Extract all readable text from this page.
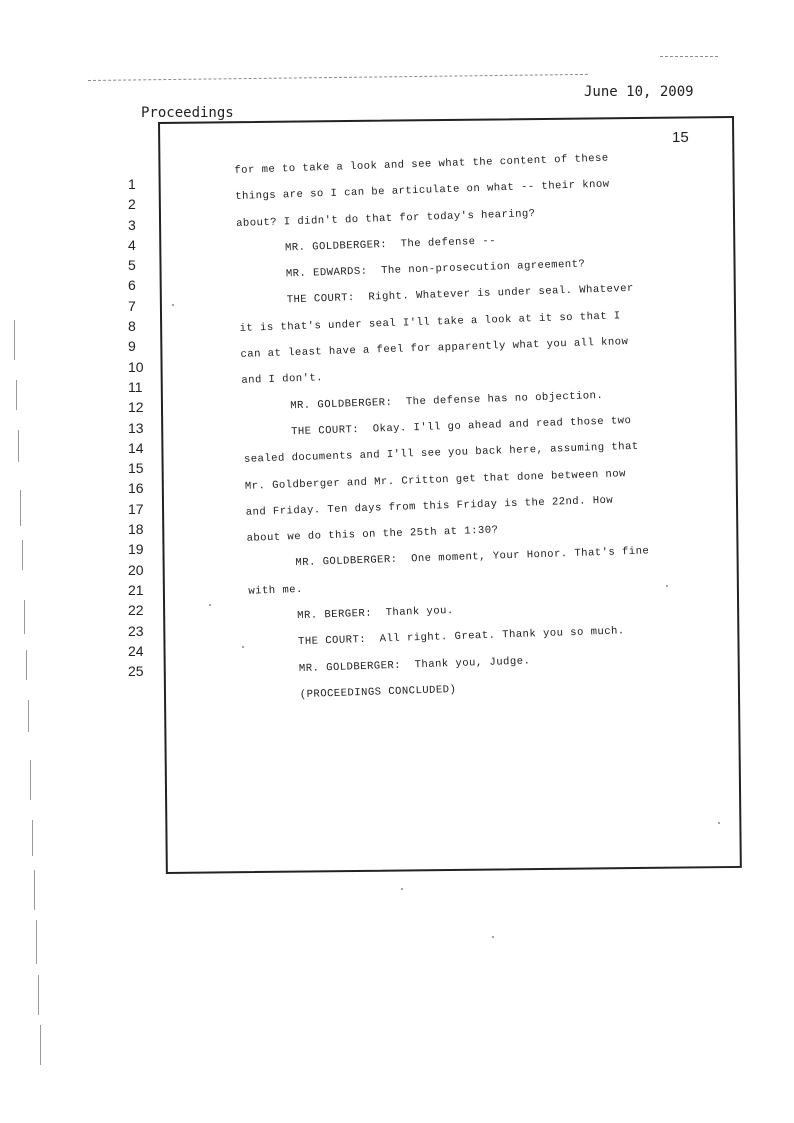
June 10, 2009
Proceedings
15
1
2
3
4
5
6
7
8
9
10
11
12
13
14
15
16
17
18
19
20
21
22
23
24
25
for me to take a look and see what the content of these
things are so I can be articulate on what -- their know
about? I didn't do that for today's hearing?
MR. GOLDBERGER:  The defense --
MR. EDWARDS:  The non-prosecution agreement?
THE COURT:  Right. Whatever is under seal. Whatever
it is that's under seal I'll take a look at it so that I
can at least have a feel for apparently what you all know
and I don't.
MR. GOLDBERGER:  The defense has no objection.
THE COURT:  Okay. I'll go ahead and read those two
sealed documents and I'll see you back here, assuming that
Mr. Goldberger and Mr. Critton get that done between now
and Friday. Ten days from this Friday is the 22nd. How
about we do this on the 25th at 1:30?
MR. GOLDBERGER:  One moment, Your Honor. That's fine
with me.
MR. BERGER:  Thank you.
THE COURT:  All right. Great. Thank you so much.
MR. GOLDBERGER:  Thank you, Judge.
(PROCEEDINGS CONCLUDED)
